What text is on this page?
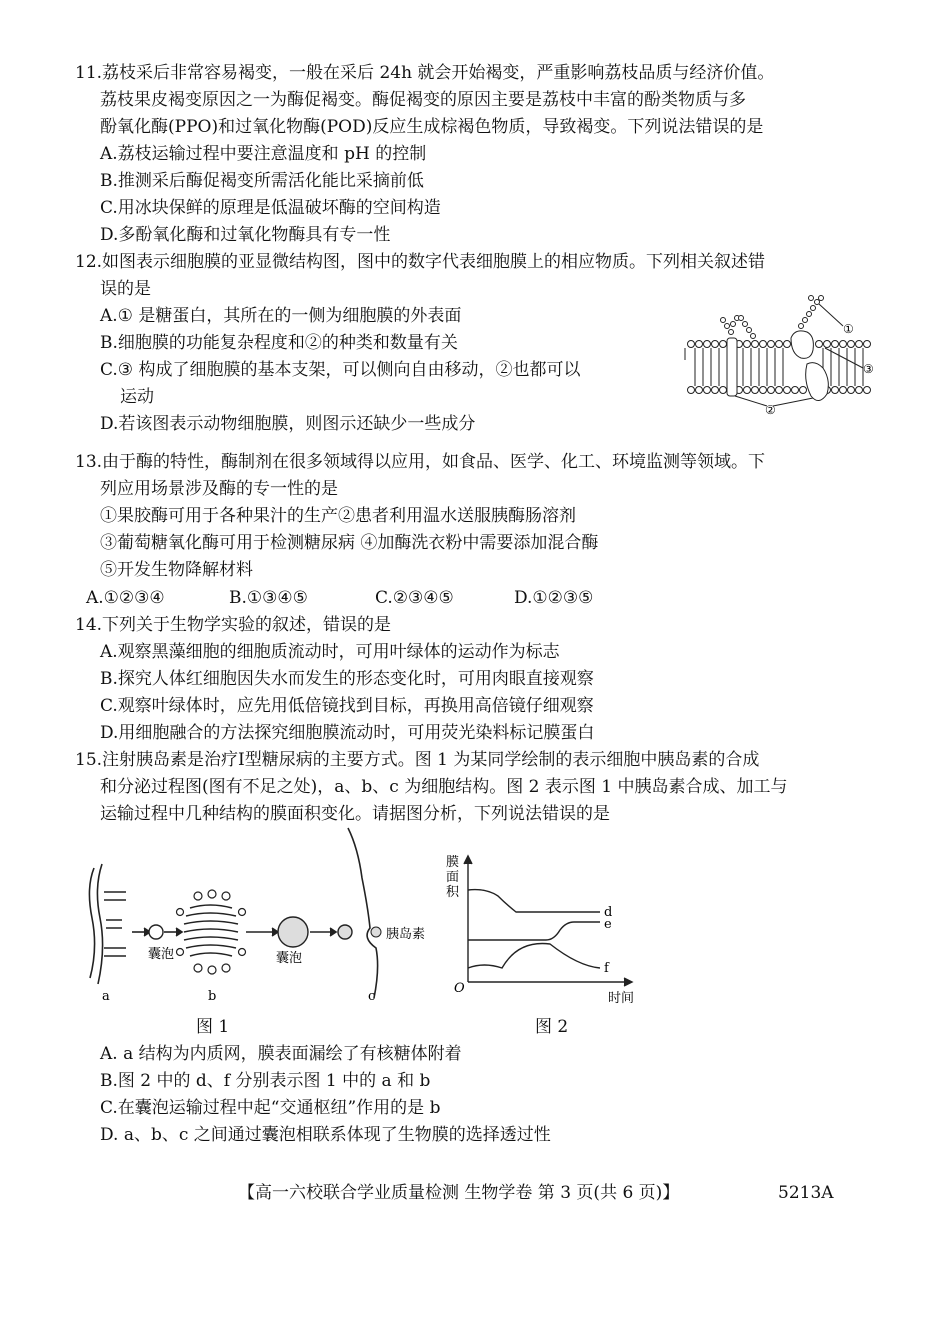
11.荔枝采后非常容易褐变，一般在采后 24h 就会开始褐变，严重影响荔枝品质与经济价值。
荔枝果皮褐变原因之一为酶促褐变。酶促褐变的原因主要是荔枝中丰富的酚类物质与多
酚氧化酶(PPO)和过氧化物酶(POD)反应生成棕褐色物质，导致褐变。下列说法错误的是
A.荔枝运输过程中要注意温度和 pH 的控制
B.推测采后酶促褐变所需活化能比采摘前低
C.用冰块保鲜的原理是低温破坏酶的空间构造
D.多酚氧化酶和过氧化物酶具有专一性
12.如图表示细胞膜的亚显微结构图，图中的数字代表细胞膜上的相应物质。下列相关叙述错
误的是
A.① 是糖蛋白，其所在的一侧为细胞膜的外表面
B.细胞膜的功能复杂程度和②的种类和数量有关
C.③ 构成了细胞膜的基本支架，可以侧向自由移动，②也都可以
运动
D.若该图表示动物细胞膜，则图示还缺少一些成分
①
③
②
13.由于酶的特性，酶制剂在很多领域得以应用，如食品、医学、化工、环境监测等领域。下
列应用场景涉及酶的专一性的是
①果胶酶可用于各种果汁的生产②患者利用温水送服胰酶肠溶剂
③葡萄糖氧化酶可用于检测糖尿病 ④加酶洗衣粉中需要添加混合酶
⑤开发生物降解材料
A.①②③④	B.①③④⑤	C.②③④⑤	D.①②③⑤
14.下列关于生物学实验的叙述，错误的是
A.观察黑藻细胞的细胞质流动时，可用叶绿体的运动作为标志
B.探究人体红细胞因失水而发生的形态变化时，可用肉眼直接观察
C.观察叶绿体时，应先用低倍镜找到目标，再换用高倍镜仔细观察
D.用细胞融合的方法探究细胞膜流动时，可用荧光染料标记膜蛋白
15.注射胰岛素是治疗Ⅰ型糖尿病的主要方式。图 1 为某同学绘制的表示细胞中胰岛素的合成
和分泌过程图(图有不足之处)，a、b、c 为细胞结构。图 2 表示图 1 中胰岛素合成、加工与
运输过程中几种结构的膜面积变化。请据图分析，下列说法错误的是
囊泡	囊泡
胰岛素
a	b	c
图 1
膜
面
积
d
e
f
O
时间
图 2
A. a 结构为内质网，膜表面漏绘了有核糖体附着
B.图 2 中的 d、f 分别表示图 1 中的 a 和 b
C.在囊泡运输过程中起“交通枢纽”作用的是 b
D. a、b、c 之间通过囊泡相联系体现了生物膜的选择透过性
【高一六校联合学业质量检测 生物学卷 第 3 页(共 6 页)】	5213A
